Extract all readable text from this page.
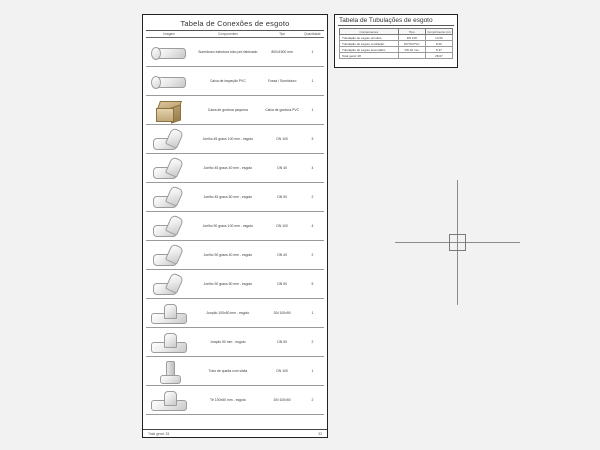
Tabela de Conexões de esgoto
Imagem	Componentes	Tipo	Quantidade

	Sumidouro estrutura tubo pré-fabricado	800x1500 mm	1

	Caixa de inspeção PVC	Fossa / Sumidouro	1

	Caixa de gordura pequena	Caixa de gordura PVC	1

	Joelho 45 graus 100 mm - esgoto	DN 100	3

	Joelho 45 graus 40 mm - esgoto	DN 40	4

	Joelho 45 graus 50 mm - esgoto	DN 50	2

	Joelho 90 graus 100 mm - esgoto	DN 100	4

	Joelho 90 graus 40 mm - esgoto	DN 40	2

	Joelho 90 graus 50 mm - esgoto	DN 50	5

	Junção 100x50 mm - esgoto	DN 100x50	1

	Junção 50 mm - esgoto	DN 50	2

	Tubo de queda com visita	DN 100	1

	Tê 100x50 mm - esgoto	DN 100x50	2
Total geral: 33	33
Tabela de Tubulações de esgoto
Componentes	Tipo	Comprimento (m)
Tubulação de esgoto primário	DN 100	14,50
Tubulação de esgoto ventilação	DN 50 PVC	8,20
Tubulação de esgoto secundário	DN 40 mm	5,37
Total geral: 28		28,07
